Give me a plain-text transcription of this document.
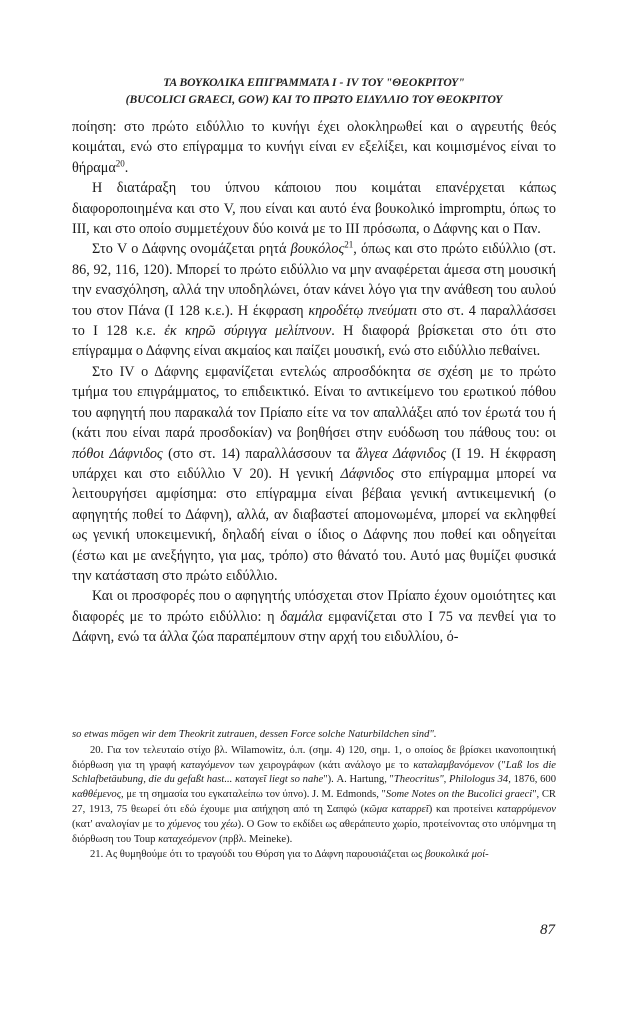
ΤΑ ΒΟΥΚΟΛΙΚΑ ΕΠΙΓΡΑΜΜΑΤΑ I - IV ΤΟΥ "ΘΕΟΚΡΙΤΟΥ"
(BUCOLICI GRAECI, GOW) ΚΑΙ ΤΟ ΠΡΩΤΟ ΕΙΔΥΛΛΙΟ ΤΟΥ ΘΕΟΚΡΙΤΟΥ

ποίηση: στο πρώτο ειδύλλιο το κυνήγι έχει ολοκληρωθεί και ο αγρευτής θεός κοιμάται, ενώ στο επίγραμμα το κυνήγι είναι εν εξελίξει, και κοιμισμένος είναι το θήραμα$^{20}$.

Η διατάραξη του ύπνου κάποιου που κοιμάται επανέρχεται κάπως διαφοροποιημένα και στο V, που είναι και αυτό ένα βουκολικό impromptu, όπως το III, και στο οποίο συμμετέχουν δύο κοινά με το III πρόσωπα, ο Δάφνης και ο Παν.

Στο V ο Δάφνης ονομάζεται ρητά βουκόλος$^{21}$, όπως και στο πρώτο ειδύλλιο (στ. 86, 92, 116, 120). Μπορεί το πρώτο ειδύλλιο να μην αναφέρεται άμεσα στη μουσική την ενασχόληση, αλλά την υποδηλώνει, όταν κάνει λόγο για την ανάθεση του αυλού του στον Πάνα (Ι 128 κ.ε.). Η έκφραση κηροδέτῳ πνεύματι στο στ. 4 παραλλάσσει το Ι 128 κ.ε. ἐκ κηρῶ σύριγγα μελίπνουν. Η διαφορά βρίσκεται στο ότι στο επίγραμμα ο Δάφνης είναι ακμαίος και παίζει μουσική, ενώ στο ειδύλλιο πεθαίνει.

Στο IV ο Δάφνης εμφανίζεται εντελώς απροσδόκητα σε σχέση με το πρώτο τμήμα του επιγράμματος, το επιδεικτικό. Είναι το αντικείμενο του ερωτικού πόθου του αφηγητή που παρακαλά τον Πρίαπο είτε να τον απαλλάξει από τον έρωτά του ή (κάτι που είναι παρά προσδοκίαν) να βοηθήσει στην ευόδωση του πάθους του: οι πόθοι Δάφνιδος (στο στ. 14) παραλλάσσουν τα ἄλγεα Δάφνιδος (Ι 19. Η έκφραση υπάρχει και στο ειδύλλιο V 20). Η γενική Δάφνιδος στο επίγραμμα μπορεί να λειτουργήσει αμφίσημα: στο επίγραμμα είναι βέβαια γενική αντικειμενική (ο αφηγητής ποθεί το Δάφνη), αλλά, αν διαβαστεί απομονωμένα, μπορεί να εκληφθεί ως γενική υποκειμενική, δηλαδή είναι ο ίδιος ο Δάφνης που ποθεί και οδηγείται (έστω και με ανεξήγητο, για μας, τρόπο) στο θάνατό του. Αυτό μας θυμίζει φυσικά την κατάσταση στο πρώτο ειδύλλιο.

Και οι προσφορές που ο αφηγητής υπόσχεται στον Πρίαπο έχουν ομοιότητες και διαφορές με το πρώτο ειδύλλιο: η δαμάλα εμφανίζεται στο Ι 75 να πενθεί για το Δάφνη, ενώ τα άλλα ζώα παραπέμπουν στην αρχή του ειδυλλίου, ό-

so etwas mögen wir dem Theokrit zutrauen, dessen Force solche Naturbildchen sind".

20. Για τον τελευταίο στίχο βλ. Wilamowitz, ό.π. (σημ. 4) 120, σημ. 1, ο οποίος δε βρίσκει ικανοποιητική διόρθωση για τη γραφή καταγόμενον των χειρογράφων (κάτι ανάλογο με το καταλαμβανόμενον ("Laß los die Schlafbetäubung, die du gefaßt hast... καταγεῖ liegt so nahe"). A. Hartung, "Theocritus", Philologus 34, 1876, 600 καθθέμενος, με τη σημασία του εγκαταλείπω τον ύπνο). J. M. Edmonds, "Some Notes on the Bucolici graeci", CR 27, 1913, 75 θεωρεί ότι εδώ έχουμε μια απήχηση από τη Σαπφώ (κῶμα καταρρεῖ) και προτείνει καταρρύμενον (κατ' αναλογίαν με το χύμενος του χέω). Ο Gow το εκδίδει ως αθεράπευτο χωρίο, προτείνοντας στο υπόμνημα τη διόρθωση του Toup καταχεόμενον (πρβλ. Meineke).

21. Ας θυμηθούμε ότι το τραγούδι του Θύρση για το Δάφνη παρουσιάζεται ως βουκολικά μοί-

87
